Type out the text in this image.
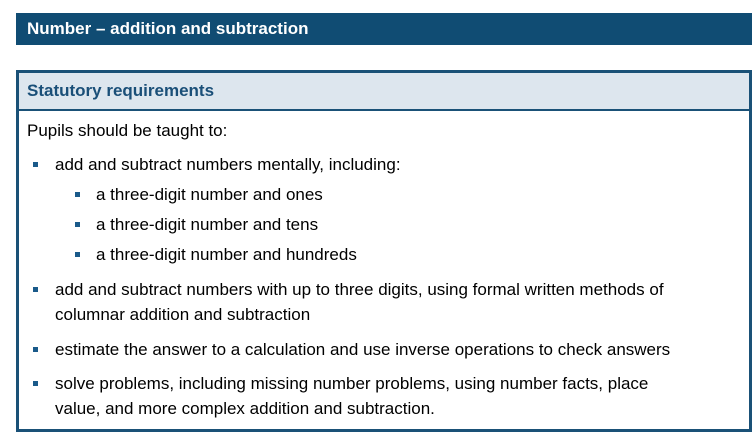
Number – addition and subtraction
Statutory requirements
Pupils should be taught to:
add and subtract numbers mentally, including:
a three-digit number and ones
a three-digit number and tens
a three-digit number and hundreds
add and subtract numbers with up to three digits, using formal written methods of
columnar addition and subtraction
estimate the answer to a calculation and use inverse operations to check answers
solve problems, including missing number problems, using number facts, place
value, and more complex addition and subtraction.
